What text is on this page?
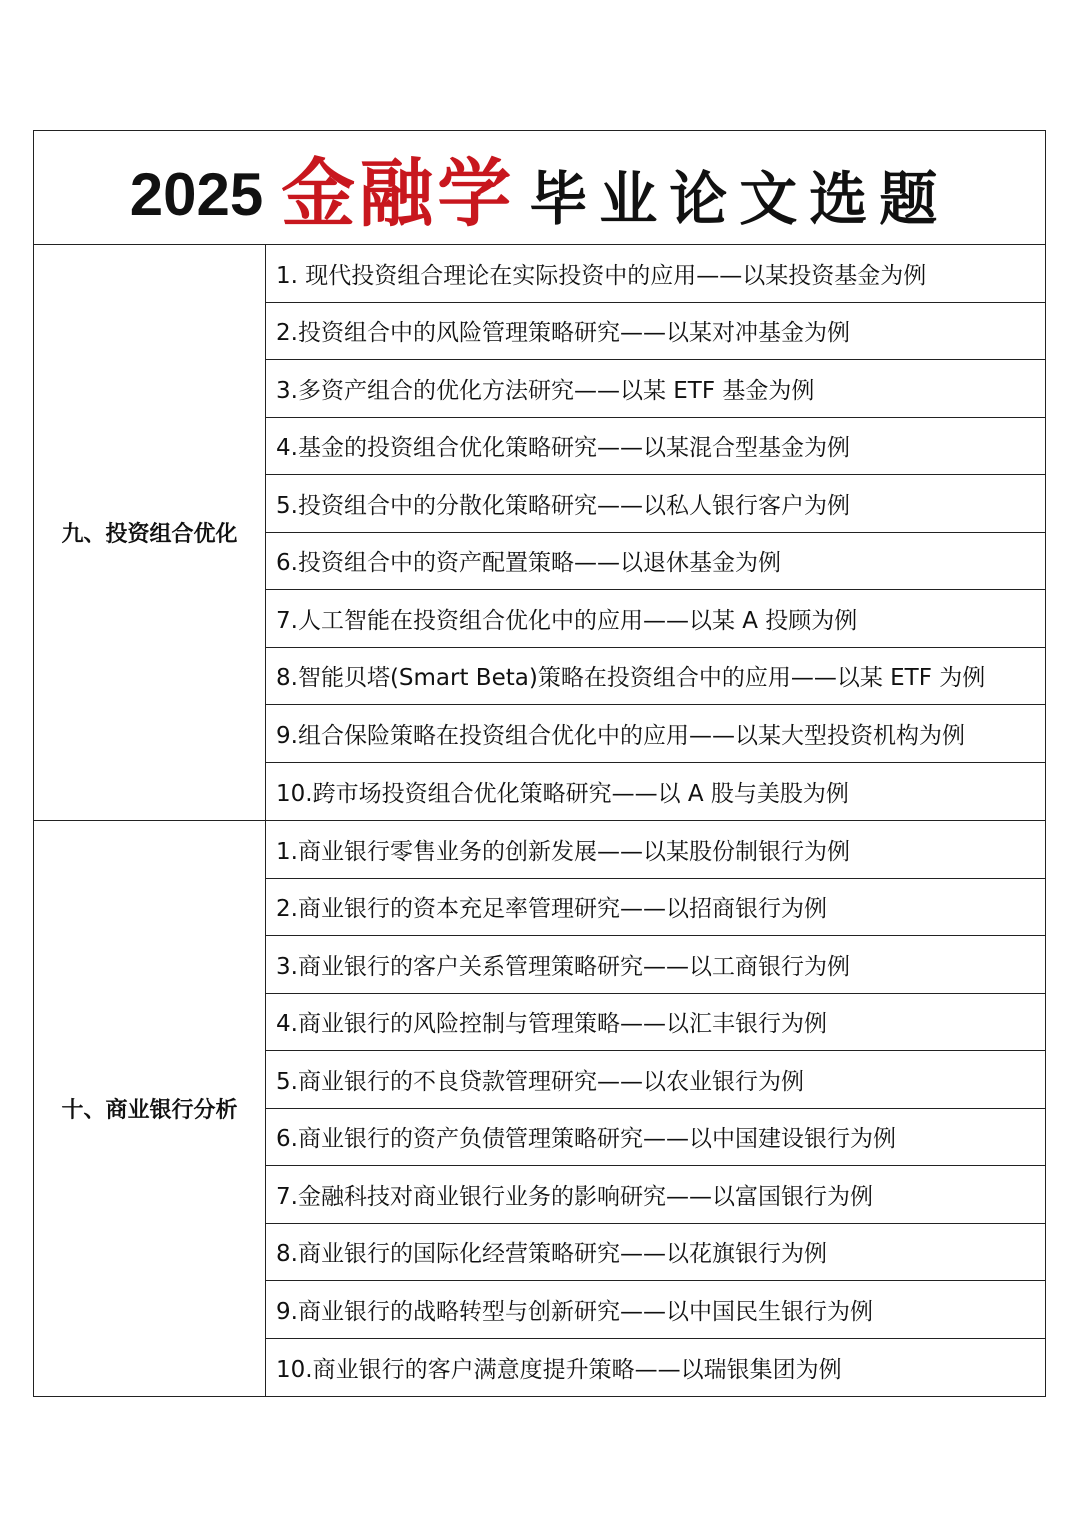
2025 金融学 毕业论文选题
九、投资组合优化
1. 现代投资组合理论在实际投资中的应用——以某投资基金为例
2.投资组合中的风险管理策略研究——以某对冲基金为例
3.多资产组合的优化方法研究——以某 ETF 基金为例
4.基金的投资组合优化策略研究——以某混合型基金为例
5.投资组合中的分散化策略研究——以私人银行客户为例
6.投资组合中的资产配置策略——以退休基金为例
7.人工智能在投资组合优化中的应用——以某 A 投顾为例
8.智能贝塔(Smart Beta)策略在投资组合中的应用——以某 ETF 为例
9.组合保险策略在投资组合优化中的应用——以某大型投资机构为例
10.跨市场投资组合优化策略研究——以 A 股与美股为例
十、商业银行分析
1.商业银行零售业务的创新发展——以某股份制银行为例
2.商业银行的资本充足率管理研究——以招商银行为例
3.商业银行的客户关系管理策略研究——以工商银行为例
4.商业银行的风险控制与管理策略——以汇丰银行为例
5.商业银行的不良贷款管理研究——以农业银行为例
6.商业银行的资产负债管理策略研究——以中国建设银行为例
7.金融科技对商业银行业务的影响研究——以富国银行为例
8.商业银行的国际化经营策略研究——以花旗银行为例
9.商业银行的战略转型与创新研究——以中国民生银行为例
10.商业银行的客户满意度提升策略——以瑞银集团为例
